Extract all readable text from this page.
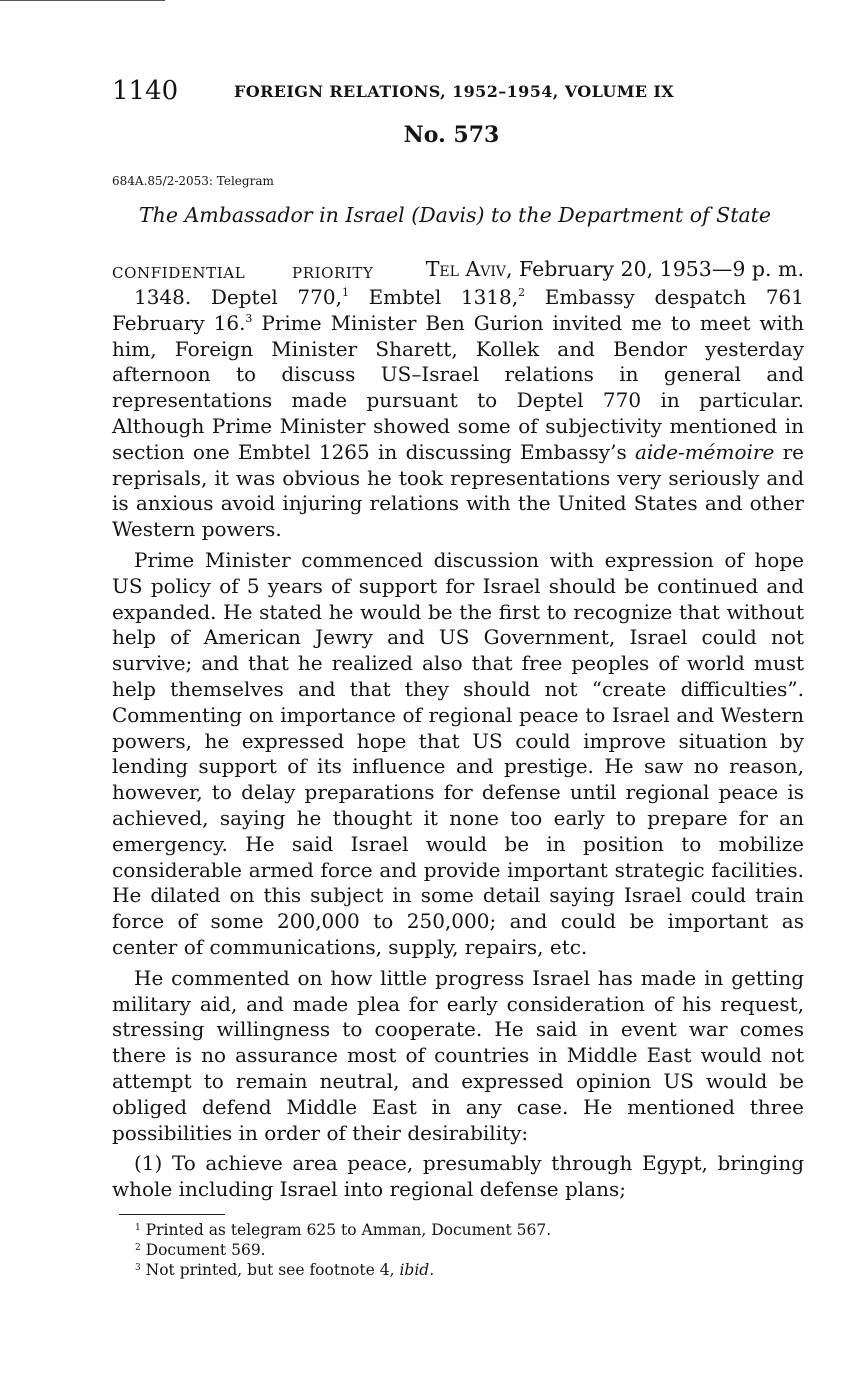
1140	FOREIGN RELATIONS, 1952–1954, VOLUME IX
No. 573
684A.85/2-2053: Telegram
The Ambassador in Israel (Davis) to the Department of State
CONFIDENTIAL	PRIORITY	Tel Aviv, February 20, 1953—9 p. m.

1348. Deptel 770,$^1$ Embtel 1318,$^2$ Embassy despatch 761 February 16.$^3$ Prime Minister Ben Gurion invited me to meet with him, Foreign Minister Sharett, Kollek and Bendor yesterday afternoon to discuss US–Israel relations in general and representations made pursuant to Deptel 770 in particular. Although Prime Minister showed some of subjectivity mentioned in section one Embtel 1265 in discussing Embassy’s aide-mémoire re reprisals, it was obvious he took representations very seriously and is anxious avoid injuring relations with the United States and other Western powers.

Prime Minister commenced discussion with expression of hope US policy of 5 years of support for Israel should be continued and expanded. He stated he would be the first to recognize that without help of American Jewry and US Government, Israel could not survive; and that he realized also that free peoples of world must help themselves and that they should not “create difficulties”. Commenting on importance of regional peace to Israel and Western powers, he expressed hope that US could improve situation by lending support of its influence and prestige. He saw no reason, however, to delay preparations for defense until regional peace is achieved, saying he thought it none too early to prepare for an emergency. He said Israel would be in position to mobilize considerable armed force and provide important strategic facilities. He dilated on this subject in some detail saying Israel could train force of some 200,000 to 250,000; and could be important as center of communications, supply, repairs, etc.

He commented on how little progress Israel has made in getting military aid, and made plea for early consideration of his request, stressing willingness to cooperate. He said in event war comes there is no assurance most of countries in Middle East would not attempt to remain neutral, and expressed opinion US would be obliged defend Middle East in any case. He mentioned three possibilities in order of their desirability:

(1) To achieve area peace, presumably through Egypt, bringing whole including Israel into regional defense plans;

$^1$ Printed as telegram 625 to Amman, Document 567.
$^2$ Document 569.
$^3$ Not printed, but see footnote 4, ibid.
